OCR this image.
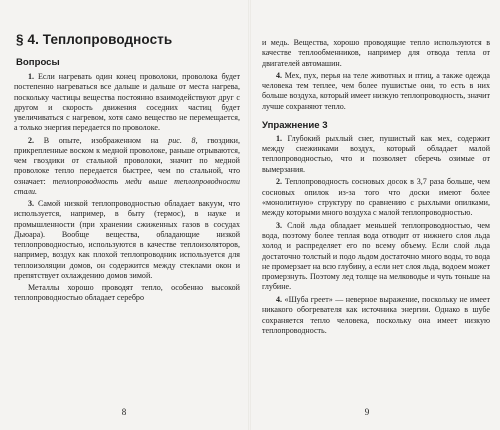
§ 4. Теплопроводность
Вопросы

1. Если нагревать один конец проволоки, проволока будет постепенно нагреваться все дальше и дальше от места нагрева, поскольку частицы вещества постоянно взаимодействуют друг с другом и скорость движения соседних частиц будет увеличиваться с нагревом, хотя само вещество не перемещается, а только энергия передается по проволоке.

2. В опыте, изображенном на рис. 8, гвоздики, прикрепленные воском к медной проволоке, раньше отрываются, чем гвоздики от стальной проволоки, значит по медной проволоке тепло передается быстрее, чем по стальной, что означает: теплопроводность меди выше теплопроводности стали.

3. Самой низкой теплопроводностью обладает вакуум, что используется, например, в быту (термос), в науке и промышленности (при хранении сжиженных газов в сосудах Дьюара). Вообще вещества, обладающие низкой теплопроводностью, используются в качестве теплоизоляторов, например, воздух как плохой теплопроводник используется для теплоизоляции домов, он содержится между стеклами окон и препятствует охлаждению домов зимой.

Металлы хорошо проводят тепло, особенно высокой теплопроводностью обладает серебро

8

и медь. Вещества, хорошо проводящие тепло используются в качестве теплообменников, например для отвода тепла от двигателей автомашин.

4. Мех, пух, перья на теле животных и птиц, а также одежда человека тем теплее, чем более пушистые они, то есть в них больше воздуха, который имеет низкую теплопроводность, значит лучше сохраняют тепло.

Упражнение 3

1. Глубокий рыхлый снег, пушистый как мех, содержит между снежинками воздух, который обладает малой теплопроводностью, что и позволяет сберечь озимые от вымерзания.

2. Теплопроводность сосновых досок в 3,7 раза больше, чем сосновых опилок из-за того что доски имеют более «монолитную» структуру по сравнению с рыхлыми опилками, между которыми много воздуха с малой теплопроводностью.

3. Слой льда обладает меньшей теплопроводностью, чем вода, поэтому более теплая вода отводит от нижнего слоя льда холод и распределяет его по всему объему. Если слой льда достаточно толстый и подо льдом достаточно много воды, то вода не промерзает на всю глубину, а если нет слоя льда, водоем может промерзнуть. Поэтому лед толще на мелководье и чуть тоньше на глубине.

4. «Шуба греет» — неверное выражение, поскольку не имеет никакого обогревателя как источника энергии. Однако в шубе сохраняется тепло человека, поскольку она имеет низкую теплопроводность.

9
